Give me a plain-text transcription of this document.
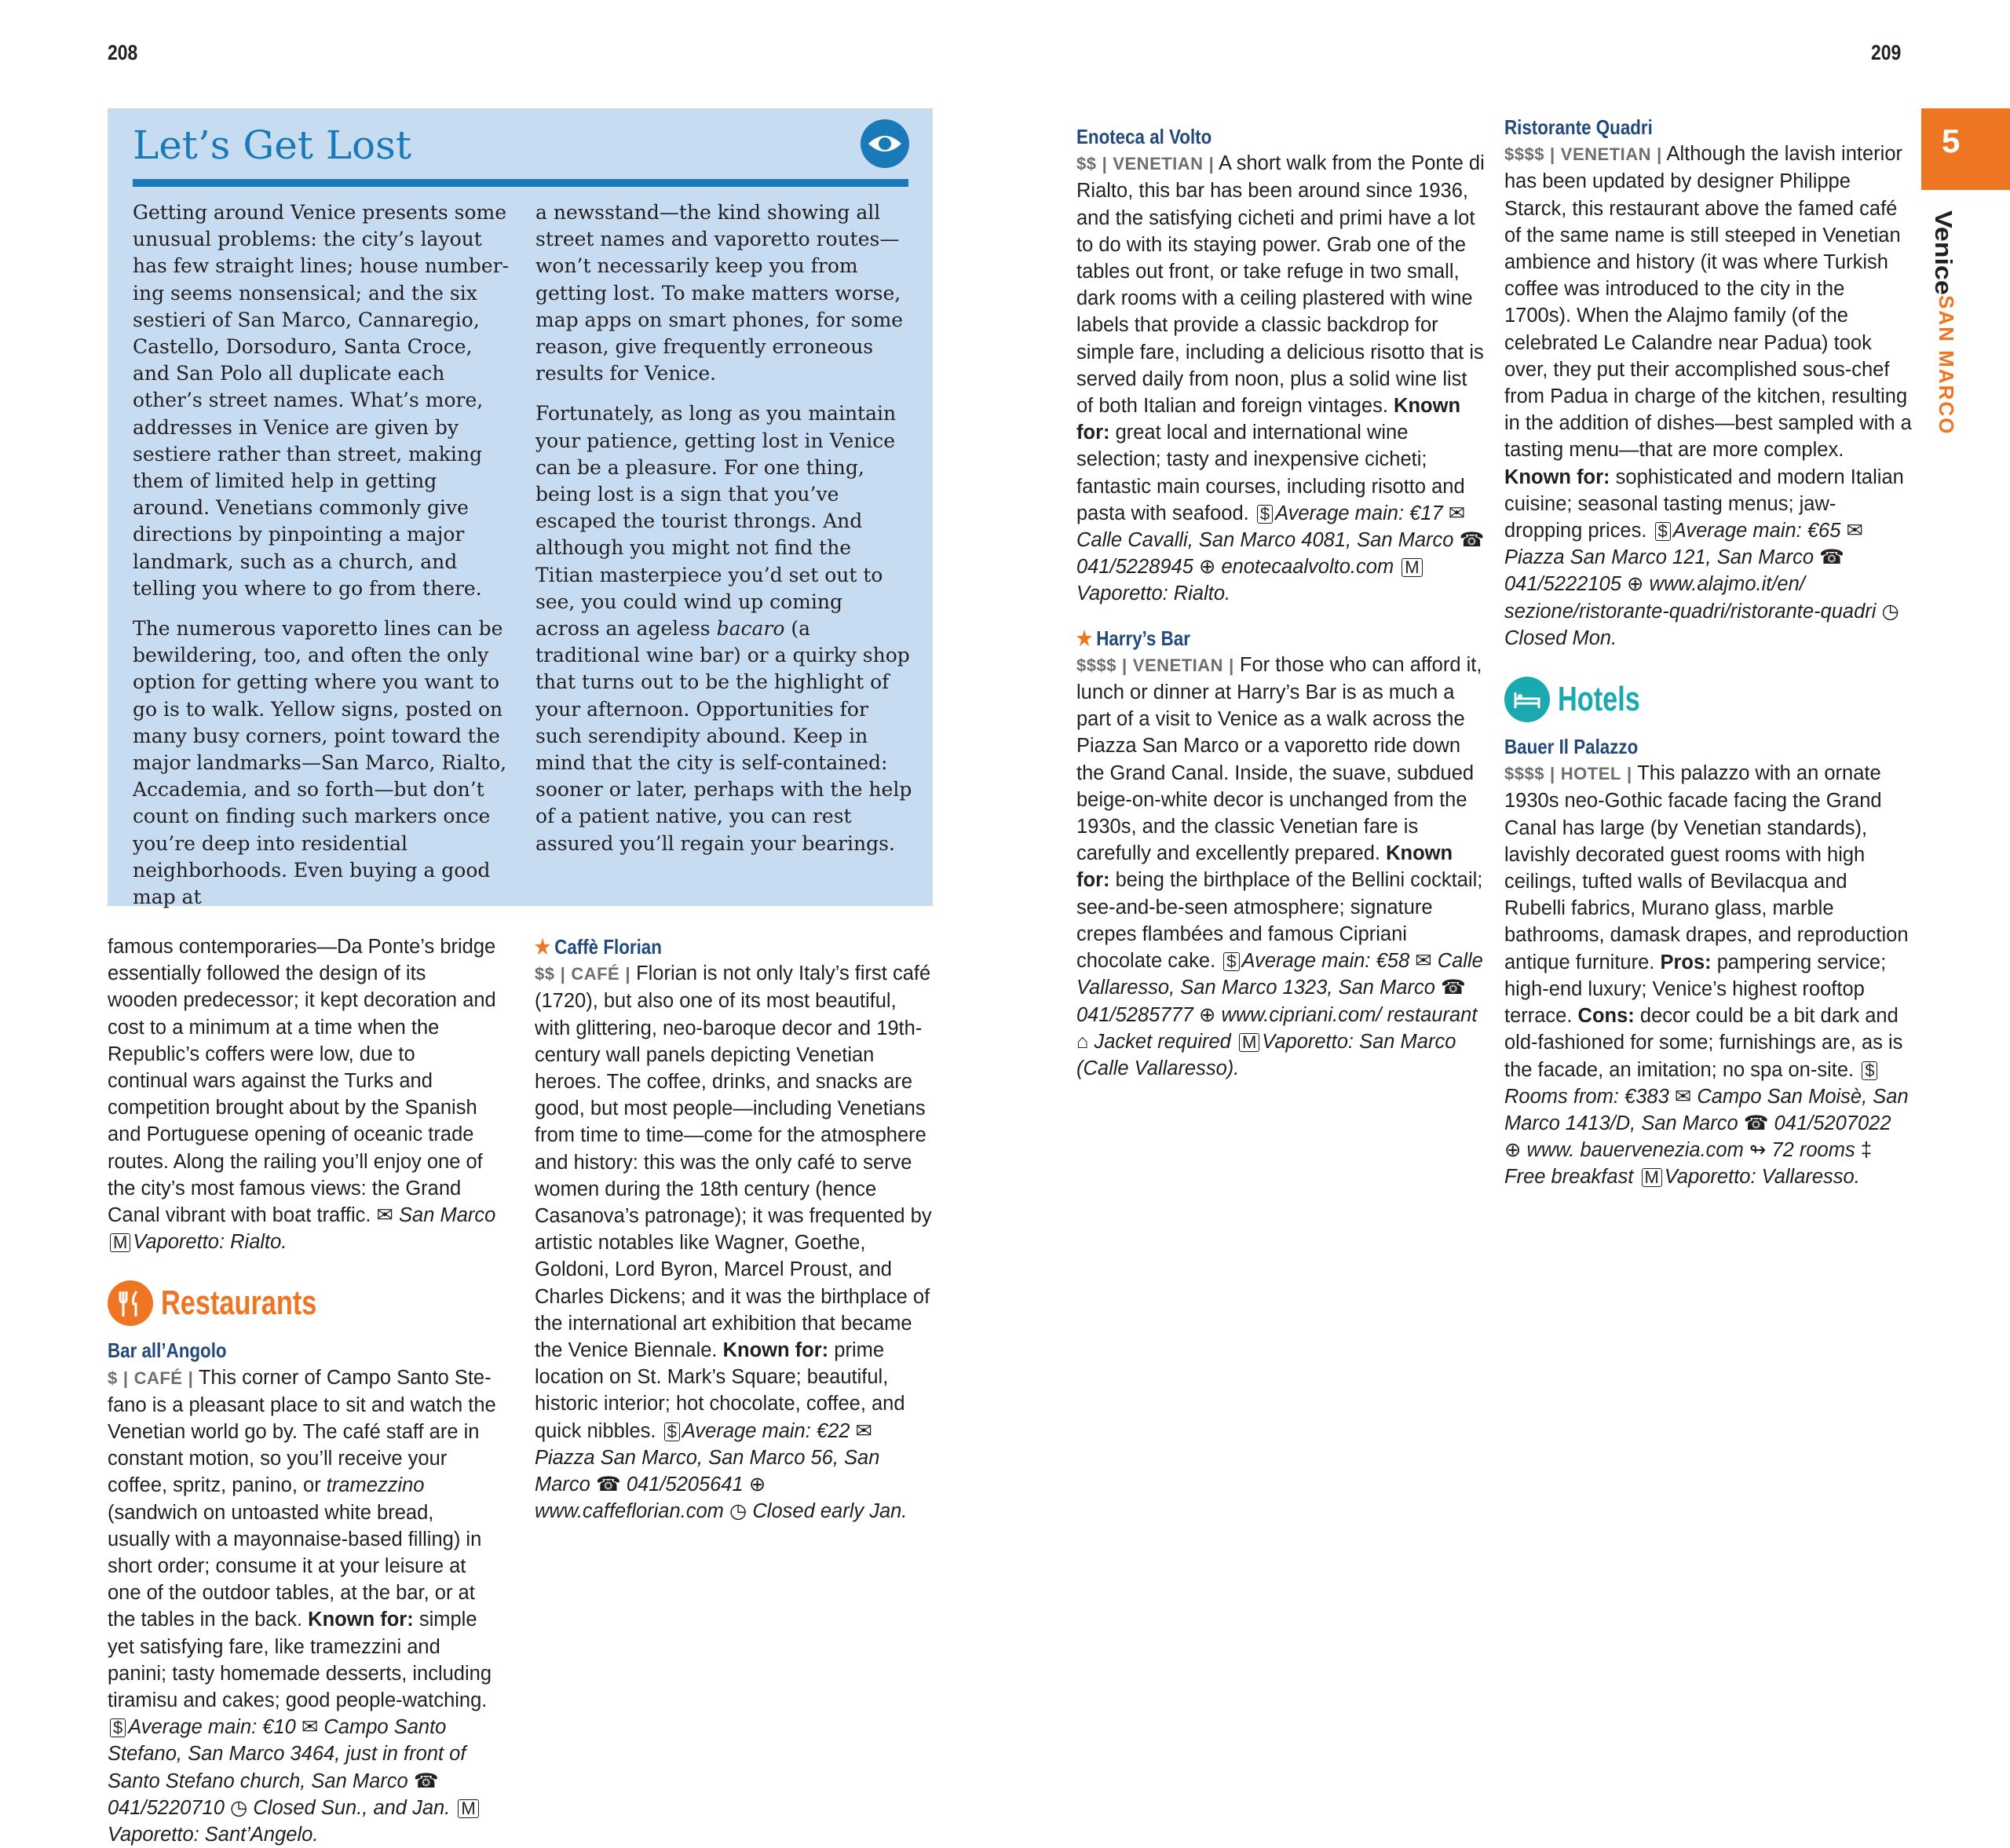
208	209
Let’s Get Lost

Getting around Venice presents some unusual problems: the city’s layout has few straight lines; house numbering seems nonsensical; and the six sestieri of San Marco, Cannaregio, Castello, Dorsoduro, Santa Croce, and San Polo all duplicate each other’s street names. What’s more, addresses in Venice are given by sestiere rather than street, making them of limited help in getting around. Venetians commonly give directions by pinpointing a major landmark, such as a church, and telling you where to go from there.

The numerous vaporetto lines can be bewildering, too, and often the only option for getting where you want to go is to walk. Yellow signs, posted on many busy corners, point toward the major landmarks—San Marco, Rialto, Accademia, and so forth—but don’t count on finding such markers once you’re deep into residential neighborhoods. Even buying a good map at

a newsstand—the kind showing all street names and vaporetto routes—won’t necessarily keep you from getting lost. To make matters worse, map apps on smart phones, for some reason, give frequently erroneous results for Venice.

Fortunately, as long as you maintain your patience, getting lost in Venice can be a pleasure. For one thing, being lost is a sign that you’ve escaped the tourist throngs. And although you might not find the Titian masterpiece you’d set out to see, you could wind up coming across an ageless bacaro (a traditional wine bar) or a quirky shop that turns out to be the highlight of your afternoon. Opportunities for such serendipity abound. Keep in mind that the city is self-contained: sooner or later, perhaps with the help of a patient native, you can rest assured you’ll regain your bearings.

famous contemporaries—Da Ponte’s bridge essentially followed the design of its wooden predecessor; it kept decoration and cost to a minimum at a time when the Republic’s coffers were low, due to continual wars against the Turks and competition brought about by the Spanish and Portuguese opening of oceanic trade routes. Along the railing you’ll enjoy one of the city’s most famous views: the Grand Canal vibrant with boat traffic. ✉ San Marco M Vaporetto: Rialto.

Restaurants
Bar all’Angolo

$ | CAFÉ | This corner of Campo Santo Stefano is a pleasant place to sit and watch the Venetian world go by. The café staff are in constant motion, so you’ll receive your coffee, spritz, panino, or tramezzino (sandwich on untoasted white bread, usually with a mayonnaise-based filling) in short order; consume it at your leisure at one of the outdoor tables, at the bar, or at the tables in the back. Known for: simple yet satisfying fare, like tramezzini and panini; tasty homemade desserts, including tiramisu and cakes; good people-watching. $ Average main: €10 ✉ Campo Santo Stefano, San Marco 3464, just in front of Santo Stefano church, San Marco ☎ 041/5220710 ◷ Closed Sun., and Jan. MVaporetto: Sant’Angelo.

★ Caffè Florian

$$ | CAFÉ | Florian is not only Italy’s first café (1720), but also one of its most beautiful, with glittering, neo-baroque decor and 19th-century wall panels depicting Venetian heroes. The coffee, drinks, and snacks are good, but most people—including Venetians from time to time—come for the atmosphere and history: this was the only café to serve women during the 18th century (hence Casanova’s patronage); it was frequented by artistic notables like Wagner, Goethe, Goldoni, Lord Byron, Marcel Proust, and Charles Dickens; and it was the birthplace of the international art exhibition that became the Venice Biennale. Known for: prime location on St. Mark’s Square; beautiful, historic interior; hot chocolate, coffee, and quick nibbles. $ Average main: €22 ✉ Piazza San Marco, San Marco 56, San Marco ☎ 041/5205641 ⊕ www.caffeflorian.com ◷ Closed early Jan.

Enoteca al Volto

$$ | VENETIAN | A short walk from the Ponte di Rialto, this bar has been around since 1936, and the satisfying cicheti and primi have a lot to do with its staying power. Grab one of the tables out front, or take refuge in two small, dark rooms with a ceiling plastered with wine labels that provide a classic backdrop for simple fare, including a delicious risotto that is served daily from noon, plus a solid wine list of both Italian and foreign vintages. Known for: great local and international wine selection; tasty and inexpensive cicheti; fantastic main courses, including risotto and pasta with seafood. $ Average main: €17 ✉ Calle Cavalli, San Marco 4081, San Marco ☎ 041/5228945 ⊕ enotecaalvolto.com MVaporetto: Rialto.

★ Harry’s Bar

$$$$ | VENETIAN | For those who can afford it, lunch or dinner at Harry’s Bar is as much a part of a visit to Venice as a walk across the Piazza San Marco or a vaporetto ride down the Grand Canal. Inside, the suave, subdued beige-on-white decor is unchanged from the 1930s, and the classic Venetian fare is carefully and excellently prepared. Known for: being the birthplace of the Bellini cocktail; see-and-be-seen atmosphere; signature crepes flambées and famous Cipriani chocolate cake. $ Average main: €58 ✉ Calle Vallaresso, San Marco 1323, San Marco ☎ 041/5285777 ⊕ www.cipriani.com/ restaurant ⌂ Jacket required M Vaporetto: San Marco (Calle Vallaresso).

Ristorante Quadri

$$$$ | VENETIAN | Although the lavish interior has been updated by designer Philippe Starck, this restaurant above the famed café of the same name is still steeped in Venetian ambience and history (it was where Turkish coffee was introduced to the city in the 1700s). When the Alajmo family (of the celebrated Le Calandre near Padua) took over, they put their accomplished sous-chef from Padua in charge of the kitchen, resulting in the addition of dishes—best sampled with a tasting menu—that are more complex. Known for: sophisticated and modern Italian cuisine; seasonal tasting menus; jaw-dropping prices. $ Average main: €65 ✉ Piazza San Marco 121, San Marco ☎ 041/5222105 ⊕ www.alajmo.it/en/ sezione/ristorante-quadri/ristorante-quadri ◷ Closed Mon.

Hotels
Bauer Il Palazzo

$$$$ | HOTEL | This palazzo with an ornate 1930s neo-Gothic facade facing the Grand Canal has large (by Venetian standards), lavishly decorated guest rooms with high ceilings, tufted walls of Bevilacqua and Rubelli fabrics, Murano glass, marble bathrooms, damask drapes, and reproduction antique furniture. Pros: pampering service; high-end luxury; Venice’s highest rooftop terrace. Cons: decor could be a bit dark and old-fashioned for some; furnishings are, as is the facade, an imitation; no spa on-site. $Rooms from: €383 ✉ Campo San Moisè, San Marco 1413/D, San Marco ☎ 041/5207022 ⊕ www. bauervenezia.com ↬ 72 rooms ‡ Free breakfast M Vaporetto: Vallaresso.

5
Venice
SAN MARCO
